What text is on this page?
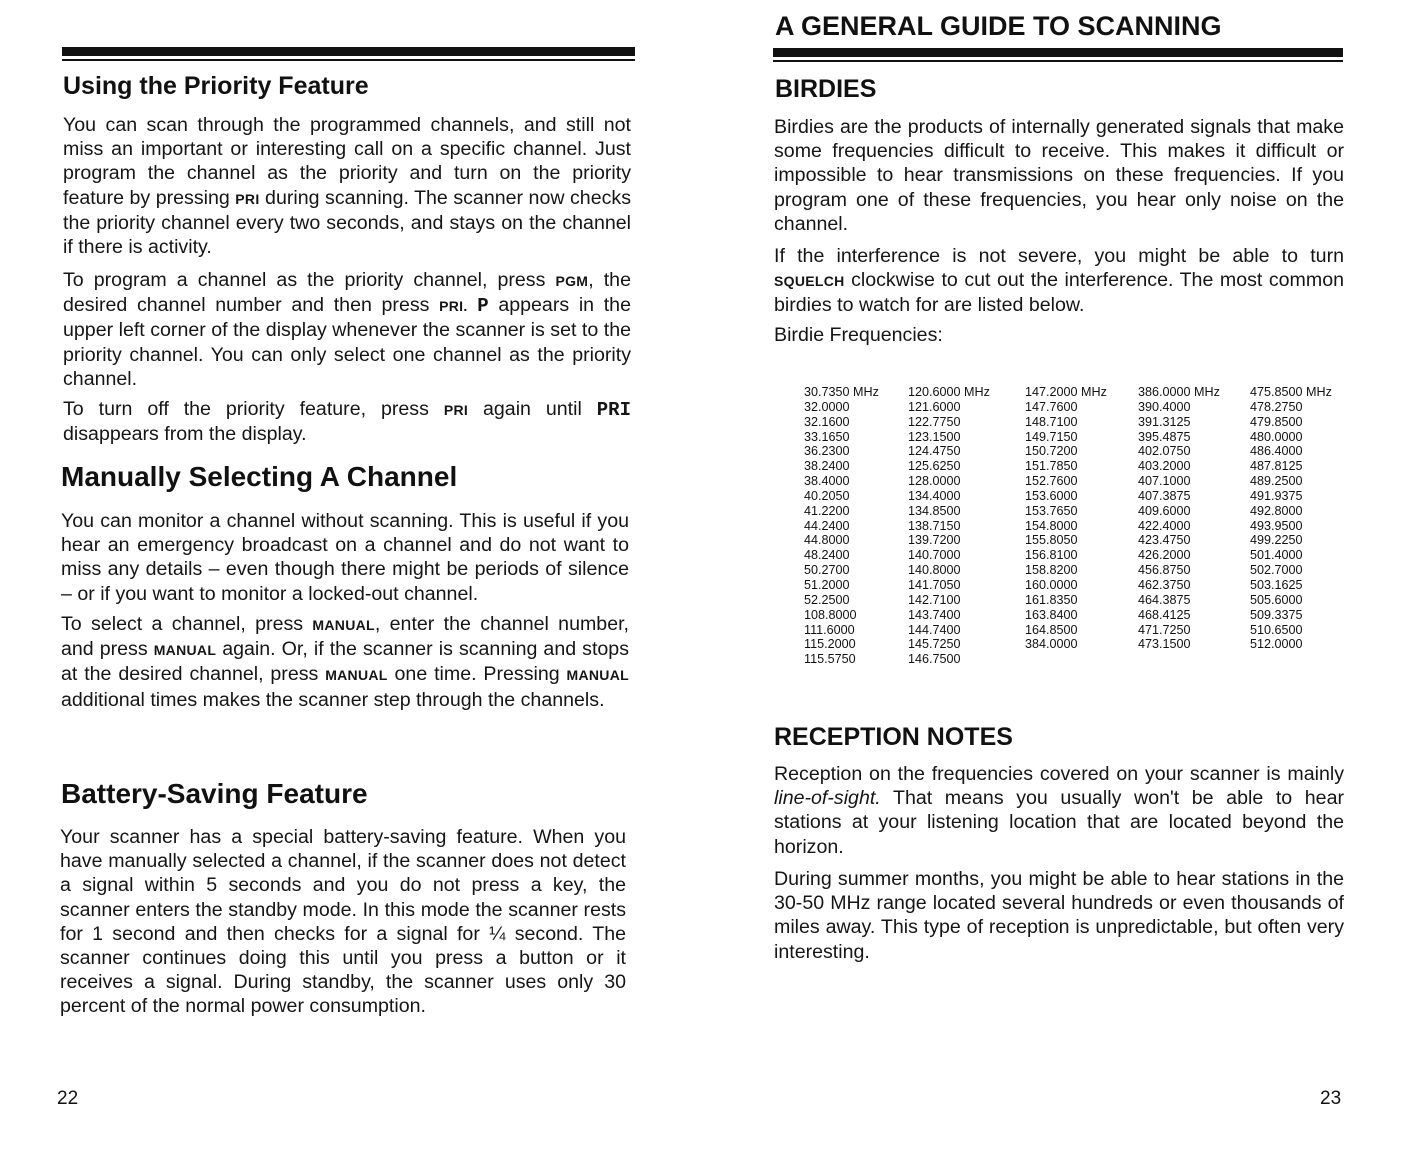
Using the Priority Feature

You can scan through the programmed channels, and still not miss an important or interesting call on a specific channel. Just program the channel as the priority and turn on the priority feature by pressing PRI during scanning. The scanner now checks the priority channel every two seconds, and stays on the channel if there is activity.

To program a channel as the priority channel, press PGM, the desired channel number and then press PRI. P appears in the upper left corner of the display whenever the scanner is set to the priority channel. You can only select one channel as the priority channel.

To turn off the priority feature, press PRI again until PRI disappears from the display.

Manually Selecting A Channel

You can monitor a channel without scanning. This is useful if you hear an emergency broadcast on a channel and do not want to miss any details – even though there might be periods of silence – or if you want to monitor a locked-out channel.

To select a channel, press MANUAL, enter the channel number, and press MANUAL again. Or, if the scanner is scanning and stops at the desired channel, press MANUAL one time. Pressing MANUAL additional times makes the scanner step through the channels.

Battery-Saving Feature

Your scanner has a special battery-saving feature. When you have manually selected a channel, if the scanner does not detect a signal within 5 seconds and you do not press a key, the scanner enters the standby mode. In this mode the scanner rests for 1 second and then checks for a signal for ¼ second. The scanner continues doing this until you press a button or it receives a signal. During standby, the scanner uses only 30 percent of the normal power consumption.

22

A GENERAL GUIDE TO SCANNING
BIRDIES

Birdies are the products of internally generated signals that make some frequencies difficult to receive. This makes it difficult or impossible to hear transmissions on these frequencies. If you program one of these frequencies, you hear only noise on the channel.

If the interference is not severe, you might be able to turn SQUELCH clockwise to cut out the interference. The most common birdies to watch for are listed below.

Birdie Frequencies:

30.7350 MHz
32.0000
32.1600
33.1650
36.2300
38.2400
38.4000
40.2050
41.2200
44.2400
44.8000
48.2400
50.2700
51.2000
52.2500
108.8000
111.6000
115.2000
115.5750
120.6000 MHz
121.6000
122.7750
123.1500
124.4750
125.6250
128.0000
134.4000
134.8500
138.7150
139.7200
140.7000
140.8000
141.7050
142.7100
143.7400
144.7400
145.7250
146.7500
147.2000 MHz
147.7600
148.7100
149.7150
150.7200
151.7850
152.7600
153.6000
153.7650
154.8000
155.8050
156.8100
158.8200
160.0000
161.8350
163.8400
164.8500
384.0000
386.0000 MHz
390.4000
391.3125
395.4875
402.0750
403.2000
407.1000
407.3875
409.6000
422.4000
423.4750
426.2000
456.8750
462.3750
464.3875
468.4125
471.7250
473.1500
475.8500 MHz
478.2750
479.8500
480.0000
486.4000
487.8125
489.2500
491.9375
492.8000
493.9500
499.2250
501.4000
502.7000
503.1625
505.6000
509.3375
510.6500
512.0000
RECEPTION NOTES

Reception on the frequencies covered on your scanner is mainly line-of-sight. That means you usually won't be able to hear stations at your listening location that are located beyond the horizon.

During summer months, you might be able to hear stations in the 30-50 MHz range located several hundreds or even thousands of miles away. This type of reception is unpredictable, but often very interesting.

23
